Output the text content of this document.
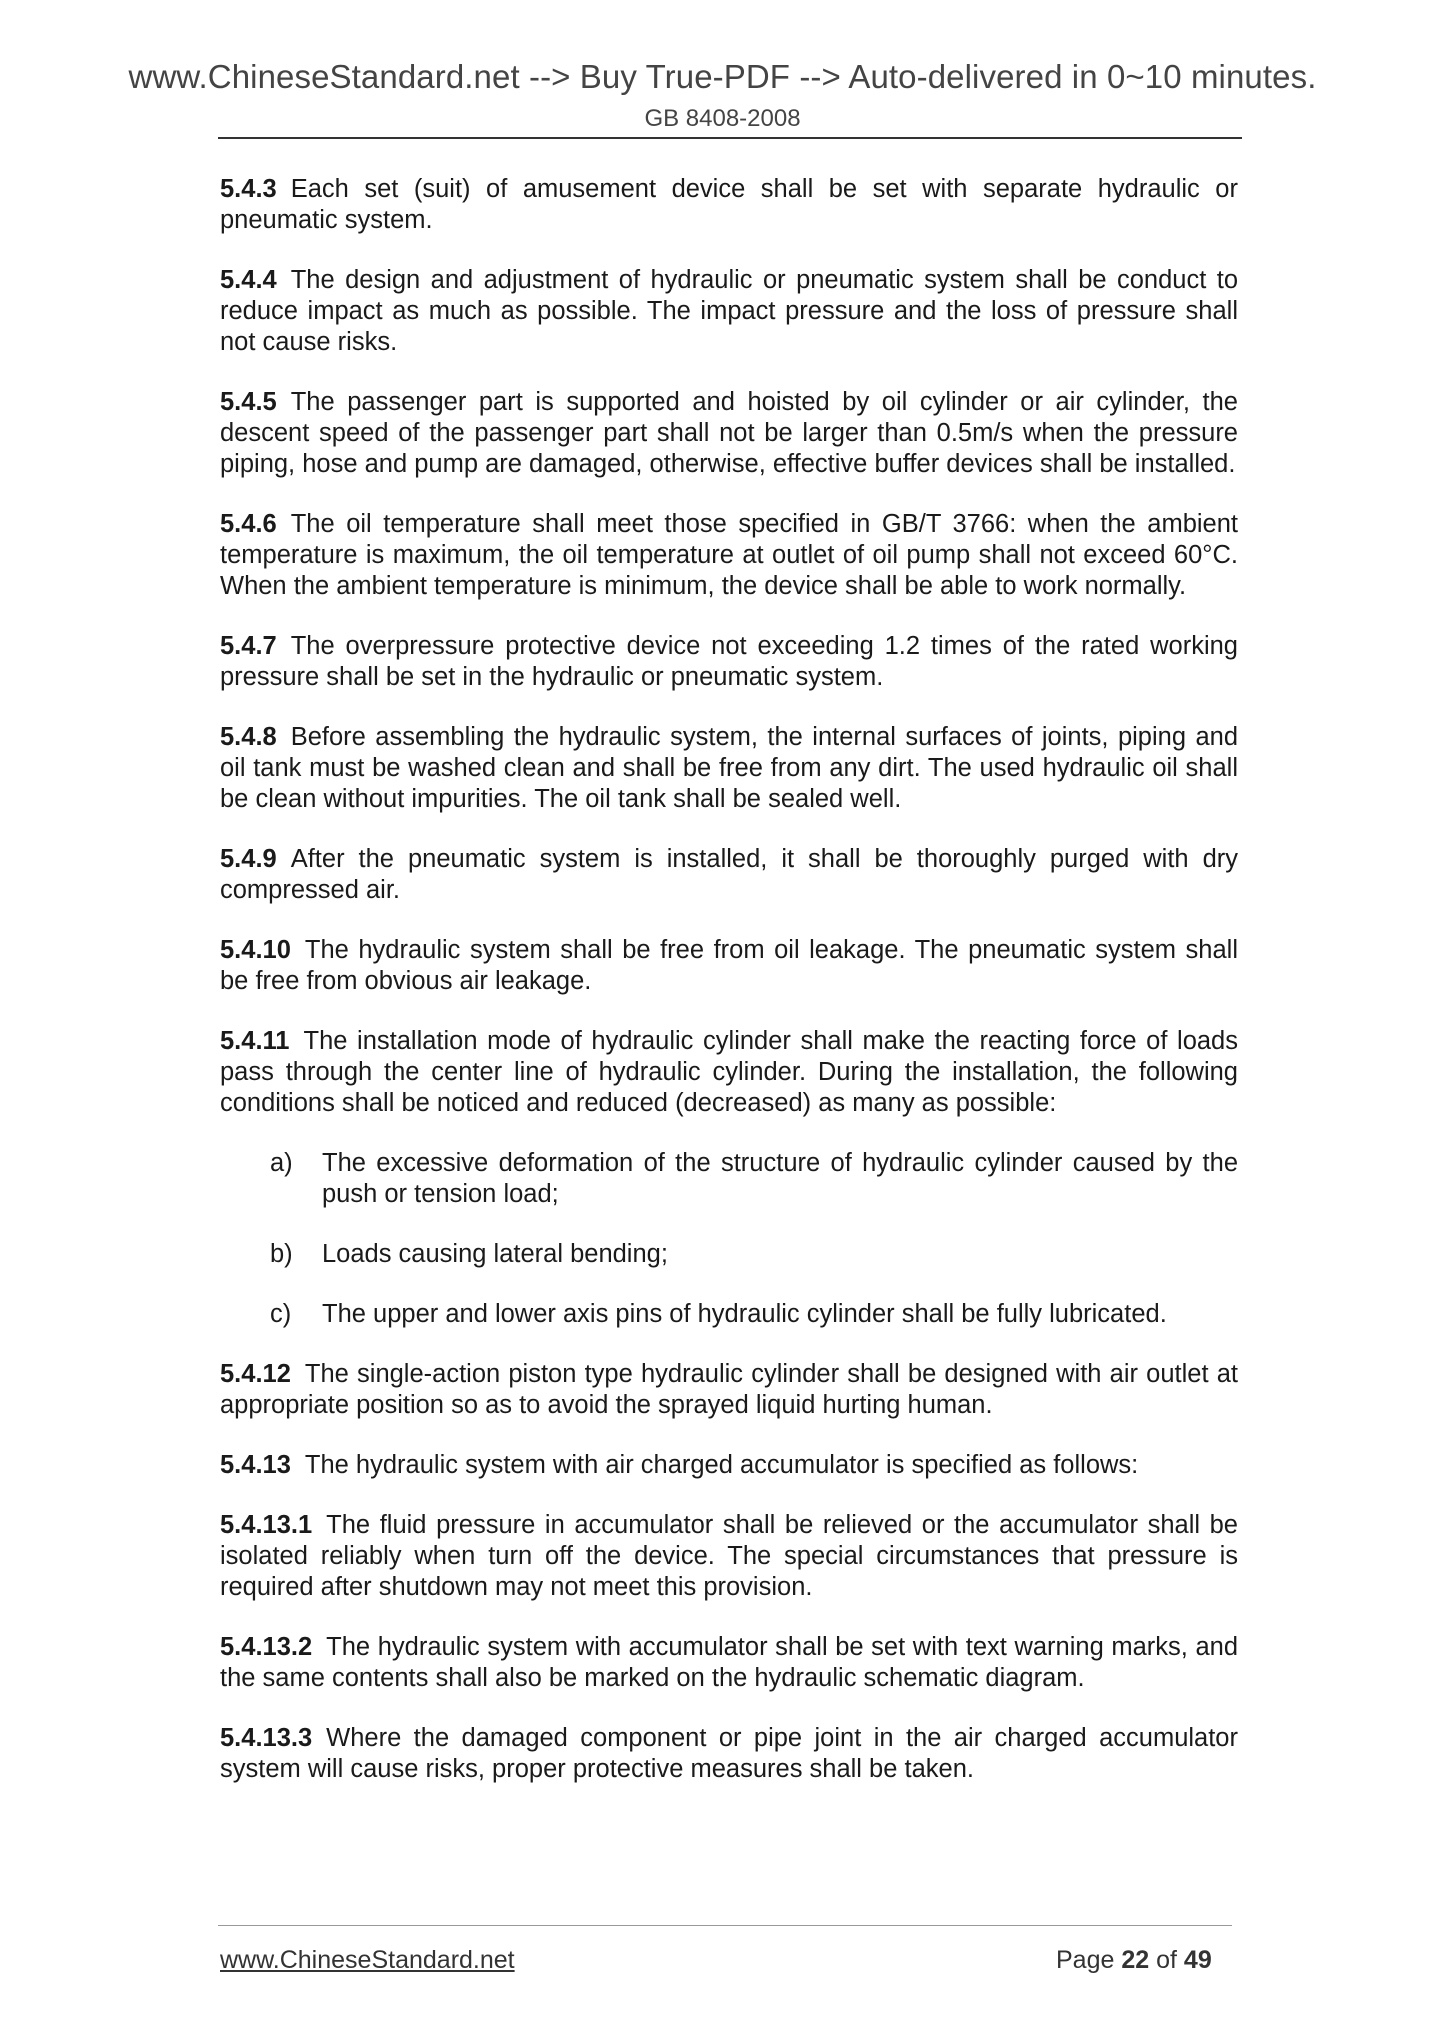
www.ChineseStandard.net --> Buy True-PDF --> Auto-delivered in 0~10 minutes.
GB 8408-2008

5.4.3 Each set (suit) of amusement device shall be set with separate hydraulic or pneumatic system.

5.4.4 The design and adjustment of hydraulic or pneumatic system shall be conduct to reduce impact as much as possible. The impact pressure and the loss of pressure shall not cause risks.

5.4.5 The passenger part is supported and hoisted by oil cylinder or air cylinder, the descent speed of the passenger part shall not be larger than 0.5m/s when the pressure piping, hose and pump are damaged, otherwise, effective buffer devices shall be installed.

5.4.6 The oil temperature shall meet those specified in GB/T 3766: when the ambient temperature is maximum, the oil temperature at outlet of oil pump shall not exceed 60°C. When the ambient temperature is minimum, the device shall be able to work normally.

5.4.7 The overpressure protective device not exceeding 1.2 times of the rated working pressure shall be set in the hydraulic or pneumatic system.

5.4.8 Before assembling the hydraulic system, the internal surfaces of joints, piping and oil tank must be washed clean and shall be free from any dirt. The used hydraulic oil shall be clean without impurities. The oil tank shall be sealed well.

5.4.9 After the pneumatic system is installed, it shall be thoroughly purged with dry compressed air.

5.4.10 The hydraulic system shall be free from oil leakage. The pneumatic system shall be free from obvious air leakage.

5.4.11 The installation mode of hydraulic cylinder shall make the reacting force of loads pass through the center line of hydraulic cylinder. During the installation, the following conditions shall be noticed and reduced (decreased) as many as possible:

a) The excessive deformation of the structure of hydraulic cylinder caused by the push or tension load;
b) Loads causing lateral bending;
c) The upper and lower axis pins of hydraulic cylinder shall be fully lubricated.

5.4.12 The single-action piston type hydraulic cylinder shall be designed with air outlet at appropriate position so as to avoid the sprayed liquid hurting human.

5.4.13 The hydraulic system with air charged accumulator is specified as follows:

5.4.13.1 The fluid pressure in accumulator shall be relieved or the accumulator shall be isolated reliably when turn off the device. The special circumstances that pressure is required after shutdown may not meet this provision.

5.4.13.2 The hydraulic system with accumulator shall be set with text warning marks, and the same contents shall also be marked on the hydraulic schematic diagram.

5.4.13.3 Where the damaged component or pipe joint in the air charged accumulator system will cause risks, proper protective measures shall be taken.

www.ChineseStandard.net	Page 22 of 49
